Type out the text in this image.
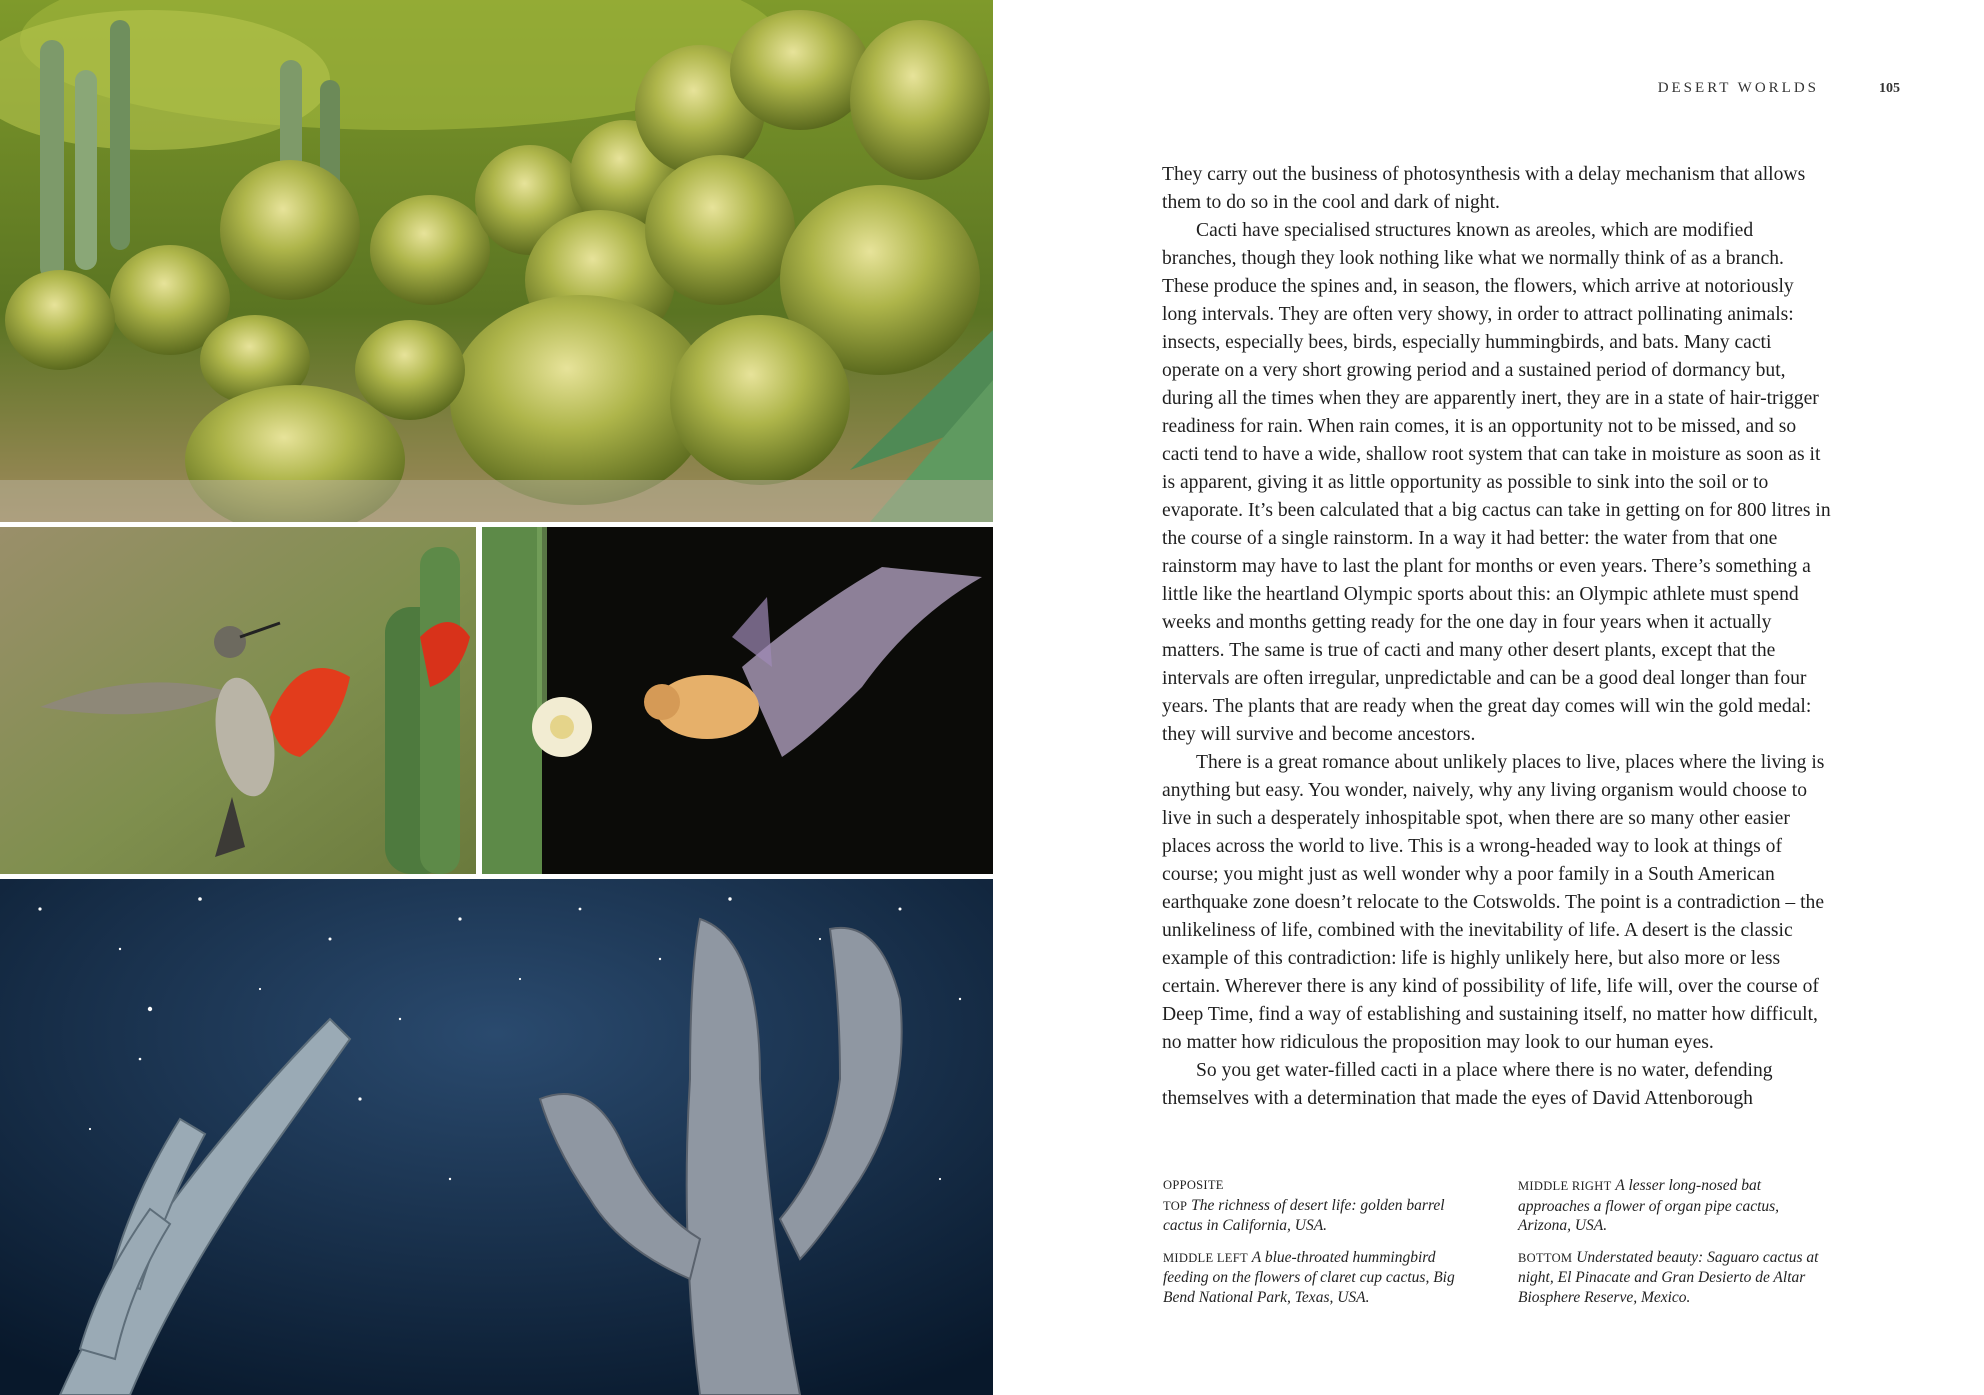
DESERT WORLDS	105

They carry out the business of photosynthesis with a delay mechanism that allows them to do so in the cool and dark of night.

Cacti have specialised structures known as areoles, which are modified branches, though they look nothing like what we normally think of as a branch. These produce the spines and, in season, the flowers, which arrive at notoriously long intervals. They are often very showy, in order to attract pollinating animals: insects, especially bees, birds, especially hummingbirds, and bats. Many cacti operate on a very short growing period and a sustained period of dormancy but, during all the times when they are apparently inert, they are in a state of hair-trigger readiness for rain. When rain comes, it is an opportunity not to be missed, and so cacti tend to have a wide, shallow root system that can take in moisture as soon as it is apparent, giving it as little opportunity as possible to sink into the soil or to evaporate. It’s been calculated that a big cactus can take in getting on for 800 litres in the course of a single rainstorm. In a way it had better: the water from that one rainstorm may have to last the plant for months or even years. There’s something a little like the heartland Olympic sports about this: an Olympic athlete must spend weeks and months getting ready for the one day in four years when it actually matters. The same is true of cacti and many other desert plants, except that the intervals are often irregular, unpredictable and can be a good deal longer than four years. The plants that are ready when the great day comes will win the gold medal: they will survive and become ancestors.

There is a great romance about unlikely places to live, places where the living is anything but easy. You wonder, naively, why any living organism would choose to live in such a desperately inhospitable spot, when there are so many other easier places across the world to live. This is a wrong-headed way to look at things of course; you might just as well wonder why a poor family in a South American earthquake zone doesn’t relocate to the Cotswolds. The point is a contradiction – the unlikeliness of life, combined with the inevitability of life. A desert is the classic example of this contradiction: life is highly unlikely here, but also more or less certain. Wherever there is any kind of possibility of life, life will, over the course of Deep Time, find a way of establishing and sustaining itself, no matter how difficult, no matter how ridiculous the proposition may look to our human eyes.

So you get water-filled cacti in a place where there is no water, defending themselves with a determination that made the eyes of David Attenborough

OPPOSITE
TOP The richness of desert life: golden barrel cactus in California, USA.

MIDDLE RIGHT A lesser long-nosed bat approaches a flower of organ pipe cactus, Arizona, USA.

MIDDLE LEFT A blue-throated hummingbird feeding on the flowers of claret cup cactus, Big Bend National Park, Texas, USA.

BOTTOM Understated beauty: Saguaro cactus at night, El Pinacate and Gran Desierto de Altar Biosphere Reserve, Mexico.
